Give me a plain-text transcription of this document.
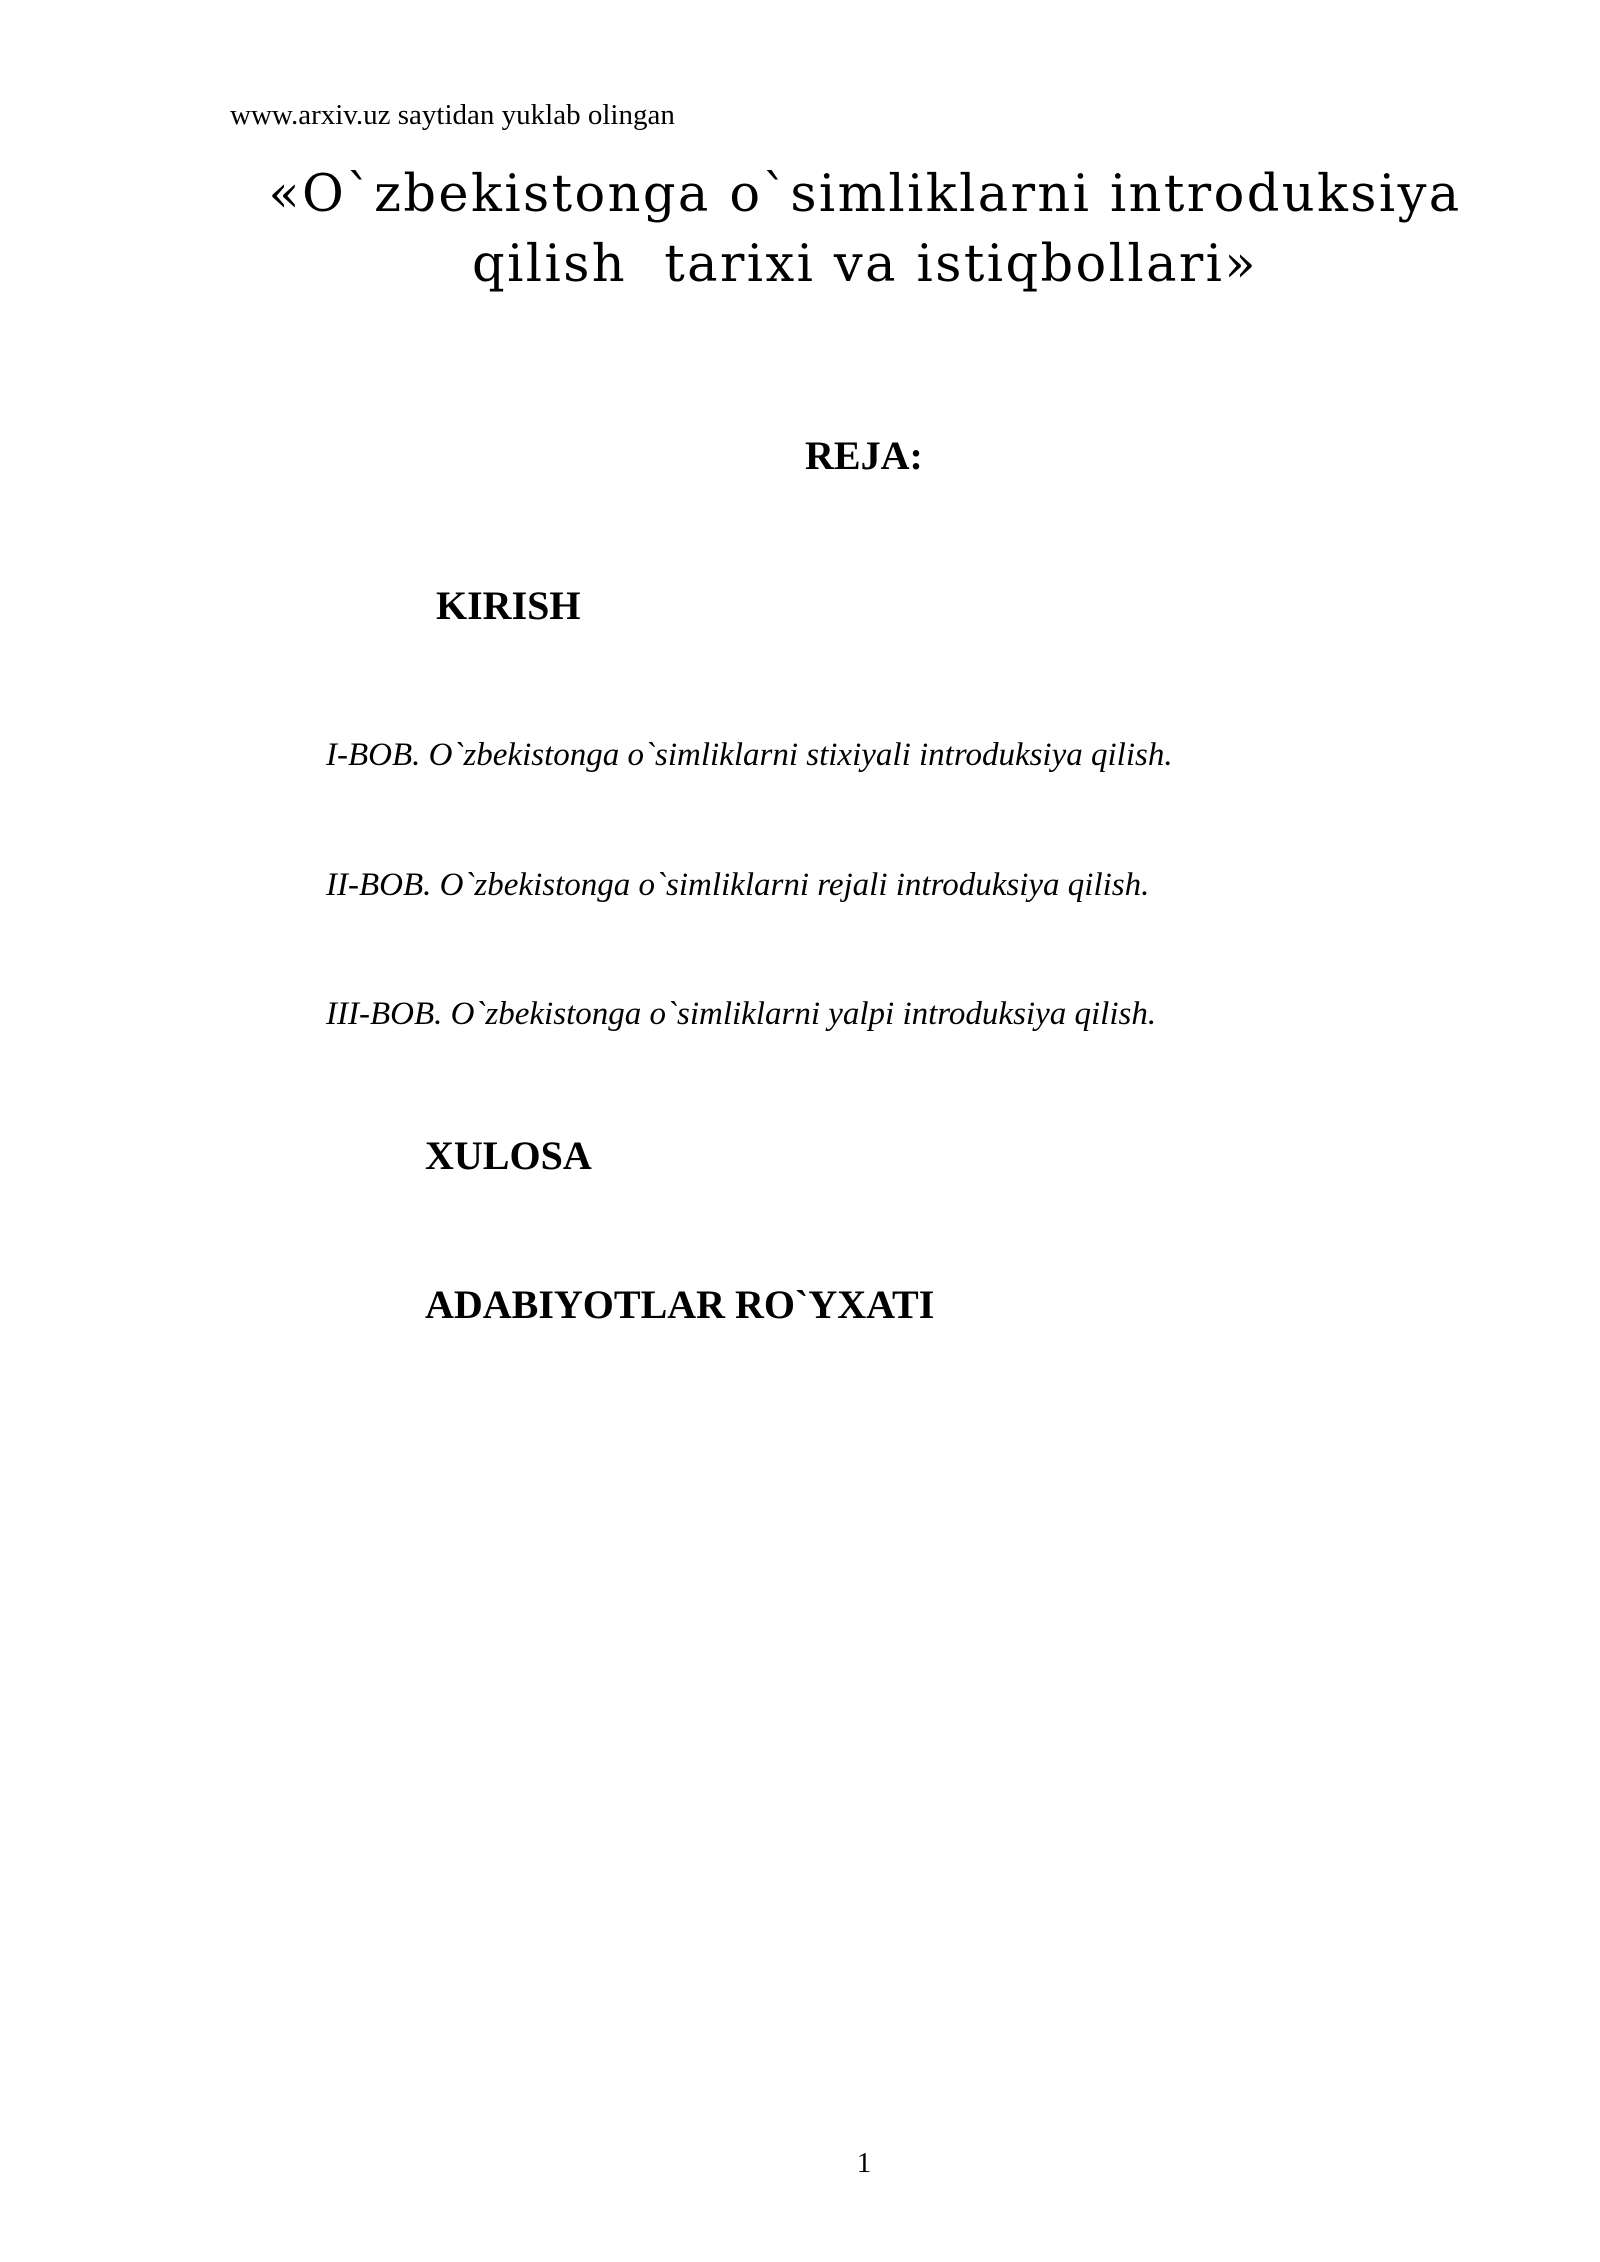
www.arxiv.uz saytidan yuklab olingan
«O`zbekistonga o`simliklarni introduksiya
qilish  tarixi va istiqbollari»
REJA:
KIRISH
I-BOB. O`zbekistonga o`simliklarni stixiyali introduksiya qilish.
II-BOB. O`zbekistonga o`simliklarni rejali introduksiya qilish.
III-BOB. O`zbekistonga o`simliklarni yalpi introduksiya qilish.
XULOSA
ADABIYOTLAR RO`YXATI
1
